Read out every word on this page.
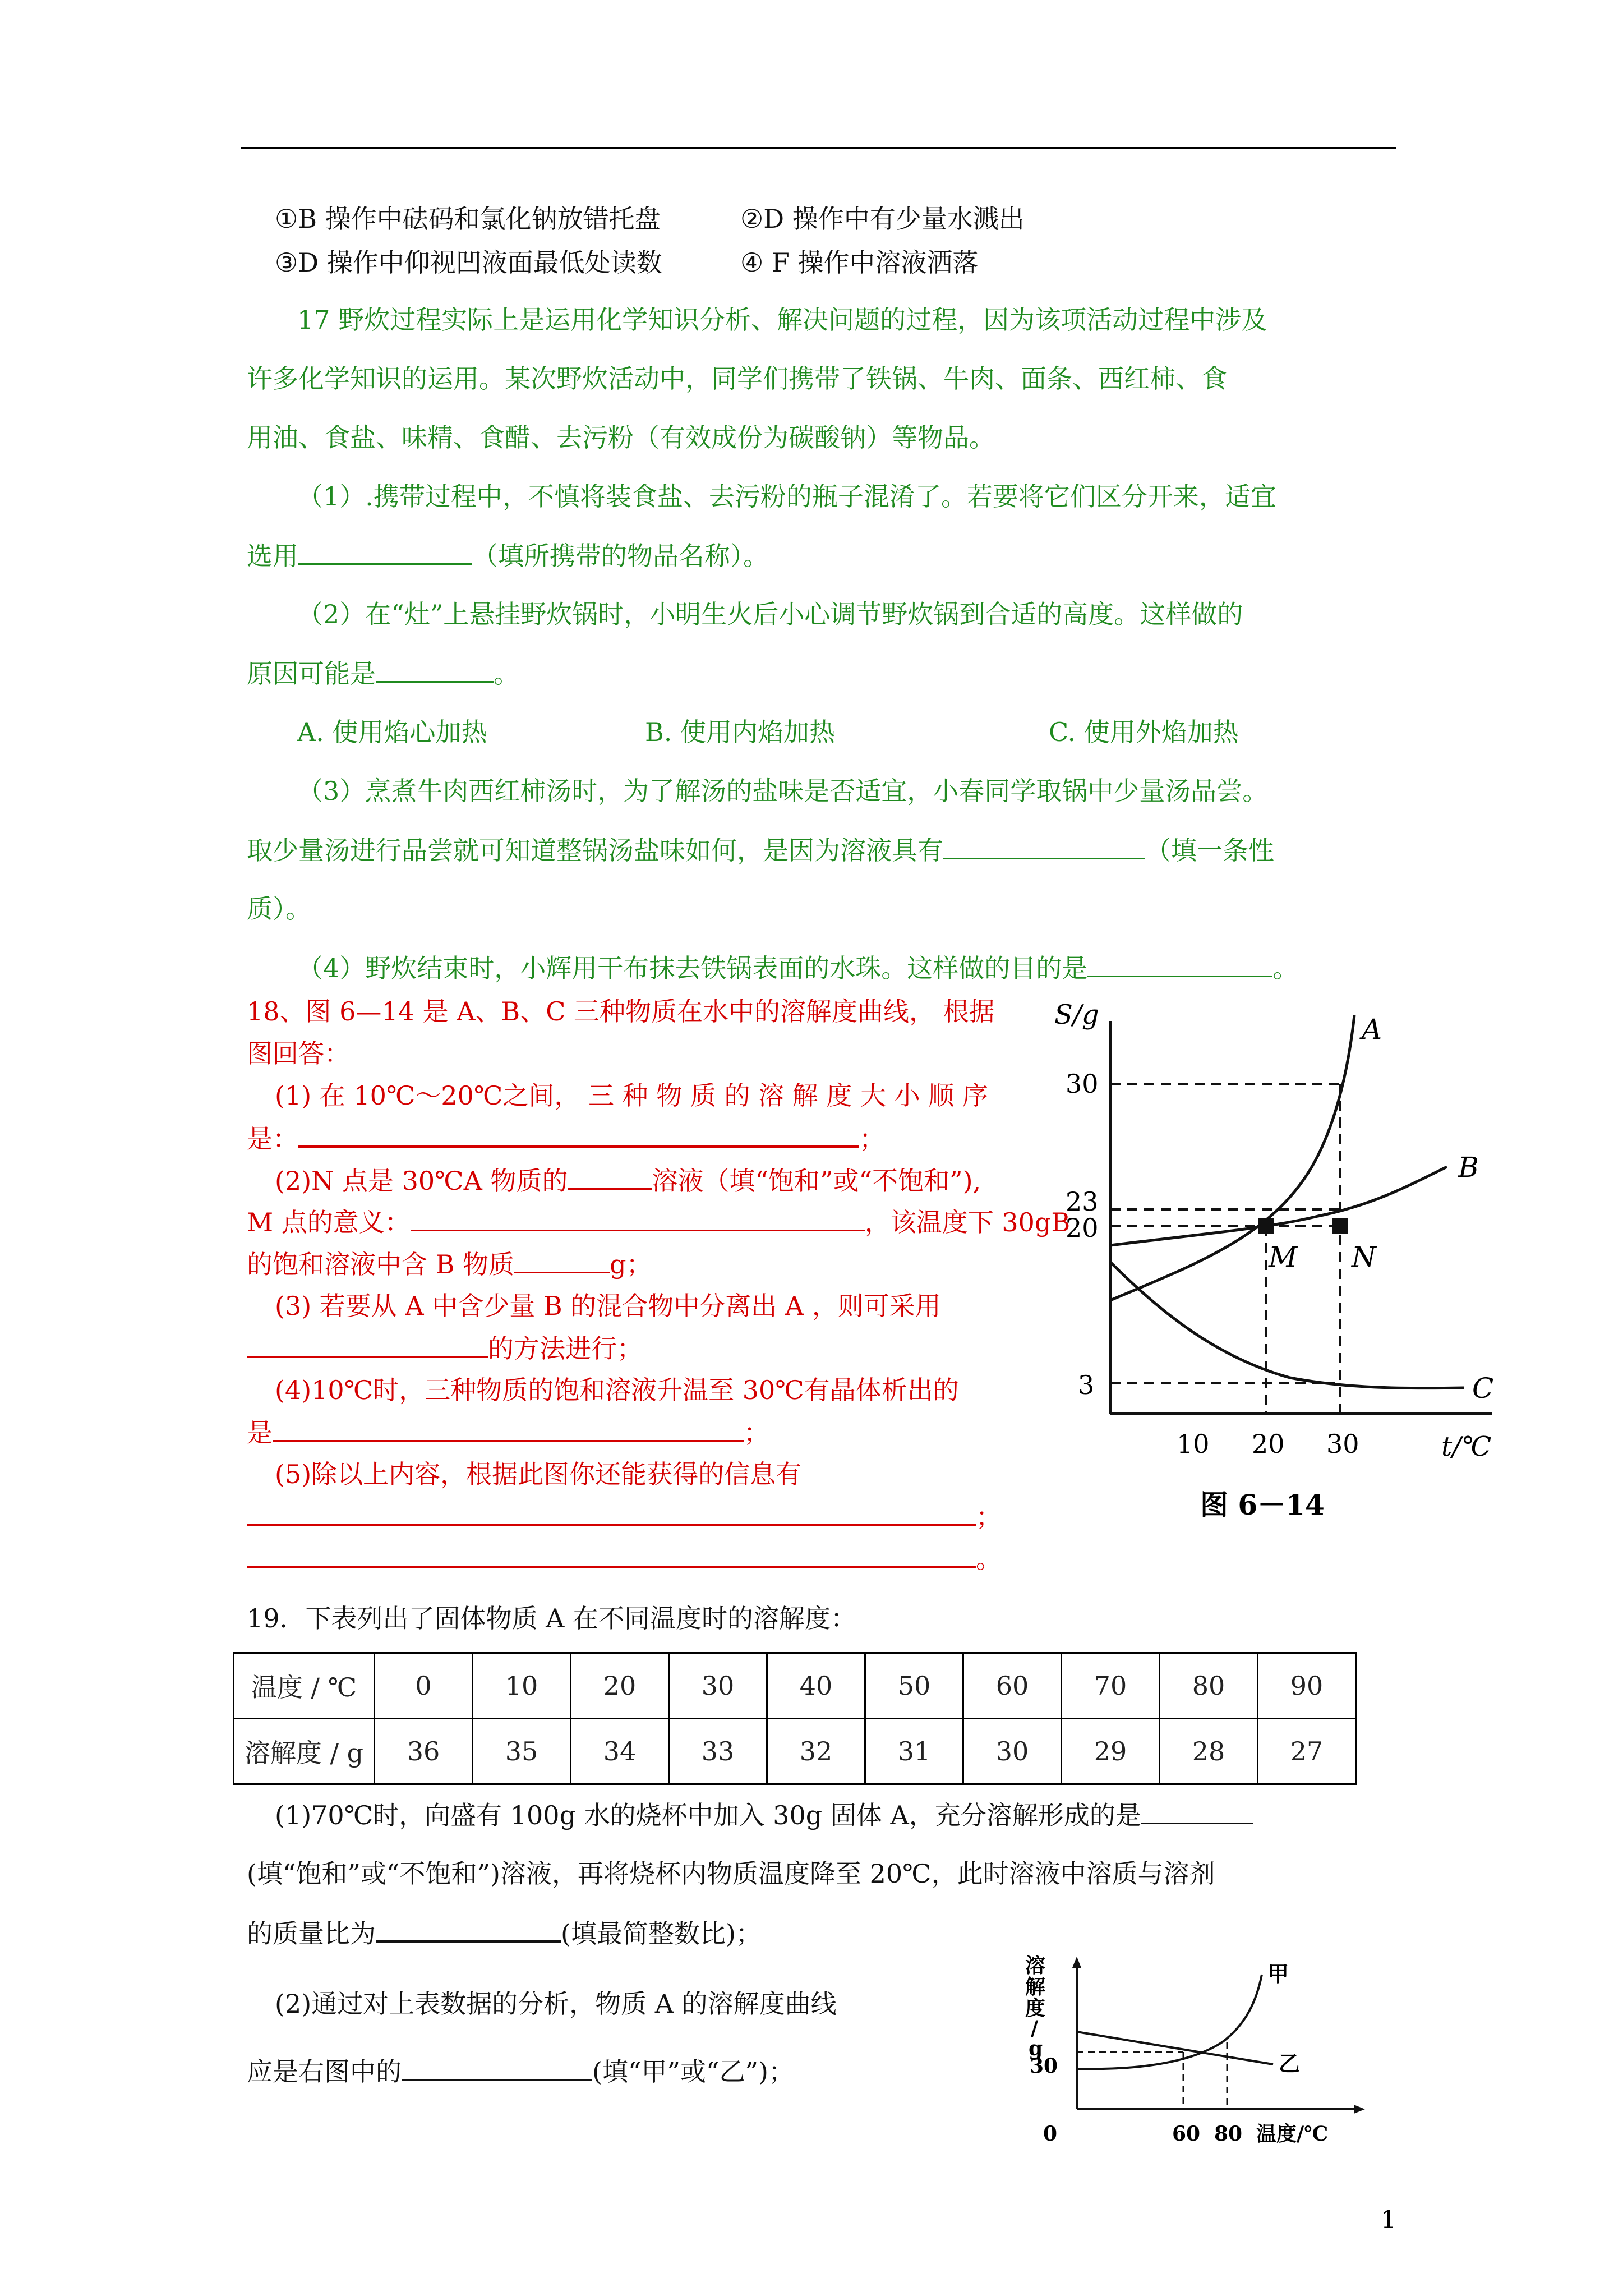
①B 操作中砝码和氯化钠放错托盘	②D 操作中有少量水溅出
③D 操作中仰视凹液面最低处读数	④ F 操作中溶液洒落
17 野炊过程实际上是运用化学知识分析、解决问题的过程，因为该项活动过程中涉及
许多化学知识的运用。某次野炊活动中，同学们携带了铁锅、牛肉、面条、西红柿、食
用油、食盐、味精、食醋、去污粉（有效成份为碳酸钠）等物品。
（1）.携带过程中，不慎将装食盐、去污粉的瓶子混淆了。若要将它们区分开来，适宜
选用	（填所携带的物品名称）。
（2）在“灶”上悬挂野炊锅时，小明生火后小心调节野炊锅到合适的高度。这样做的
原因可能是	。
A. 使用焰心加热	B. 使用内焰加热	C. 使用外焰加热
（3）烹煮牛肉西红柿汤时，为了解汤的盐味是否适宜，小春同学取锅中少量汤品尝。
取少量汤进行品尝就可知道整锅汤盐味如何，是因为溶液具有	（填一条性
质）。
（4）野炊结束时，小辉用干布抹去铁锅表面的水珠。这样做的目的是	。
18、图 6—14 是 A、B、C 三种物质在水中的溶解度曲线， 根据
图回答：
(1) 在 10℃～20℃之间， 三 种 物 质 的 溶 解 度 大 小 顺 序
是：	；
(2)N 点是 30℃A 物质的	溶液（填“饱和”或“不饱和”),
M 点的意义：	，该温度下 30gB
的饱和溶液中含 B 物质	g；
(3) 若要从 A 中含少量 B 的混合物中分离出 A ，则可采用
的方法进行；
(4)10℃时，三种物质的饱和溶液升温至 30℃有晶体析出的
是	；
(5)除以上内容，根据此图你还能获得的信息有
；
。
S/g
t/℃
30
23
20
3
10 20 30
A
B
C
M N
图 6－14
19．下表列出了固体物质 A 在不同温度时的溶解度：
温度 / ℃	0	10	20	30	40	50	60	70	80	90
溶解度 / g	36	35	34	33	32	31	30	29	28	27
(1)70℃时，向盛有 100g 水的烧杯中加入 30g 固体 A，充分溶解形成的是
(填“饱和”或“不饱和”)溶液，再将烧杯内物质温度降至 20℃，此时溶液中溶质与溶剂
的质量比为	(填最简整数比)；
(2)通过对上表数据的分析，物质 A 的溶解度曲线
应是右图中的	(填“甲”或“乙”)；
溶
解
度
/
g
30
0	60 80 温度/℃
甲
乙
1
